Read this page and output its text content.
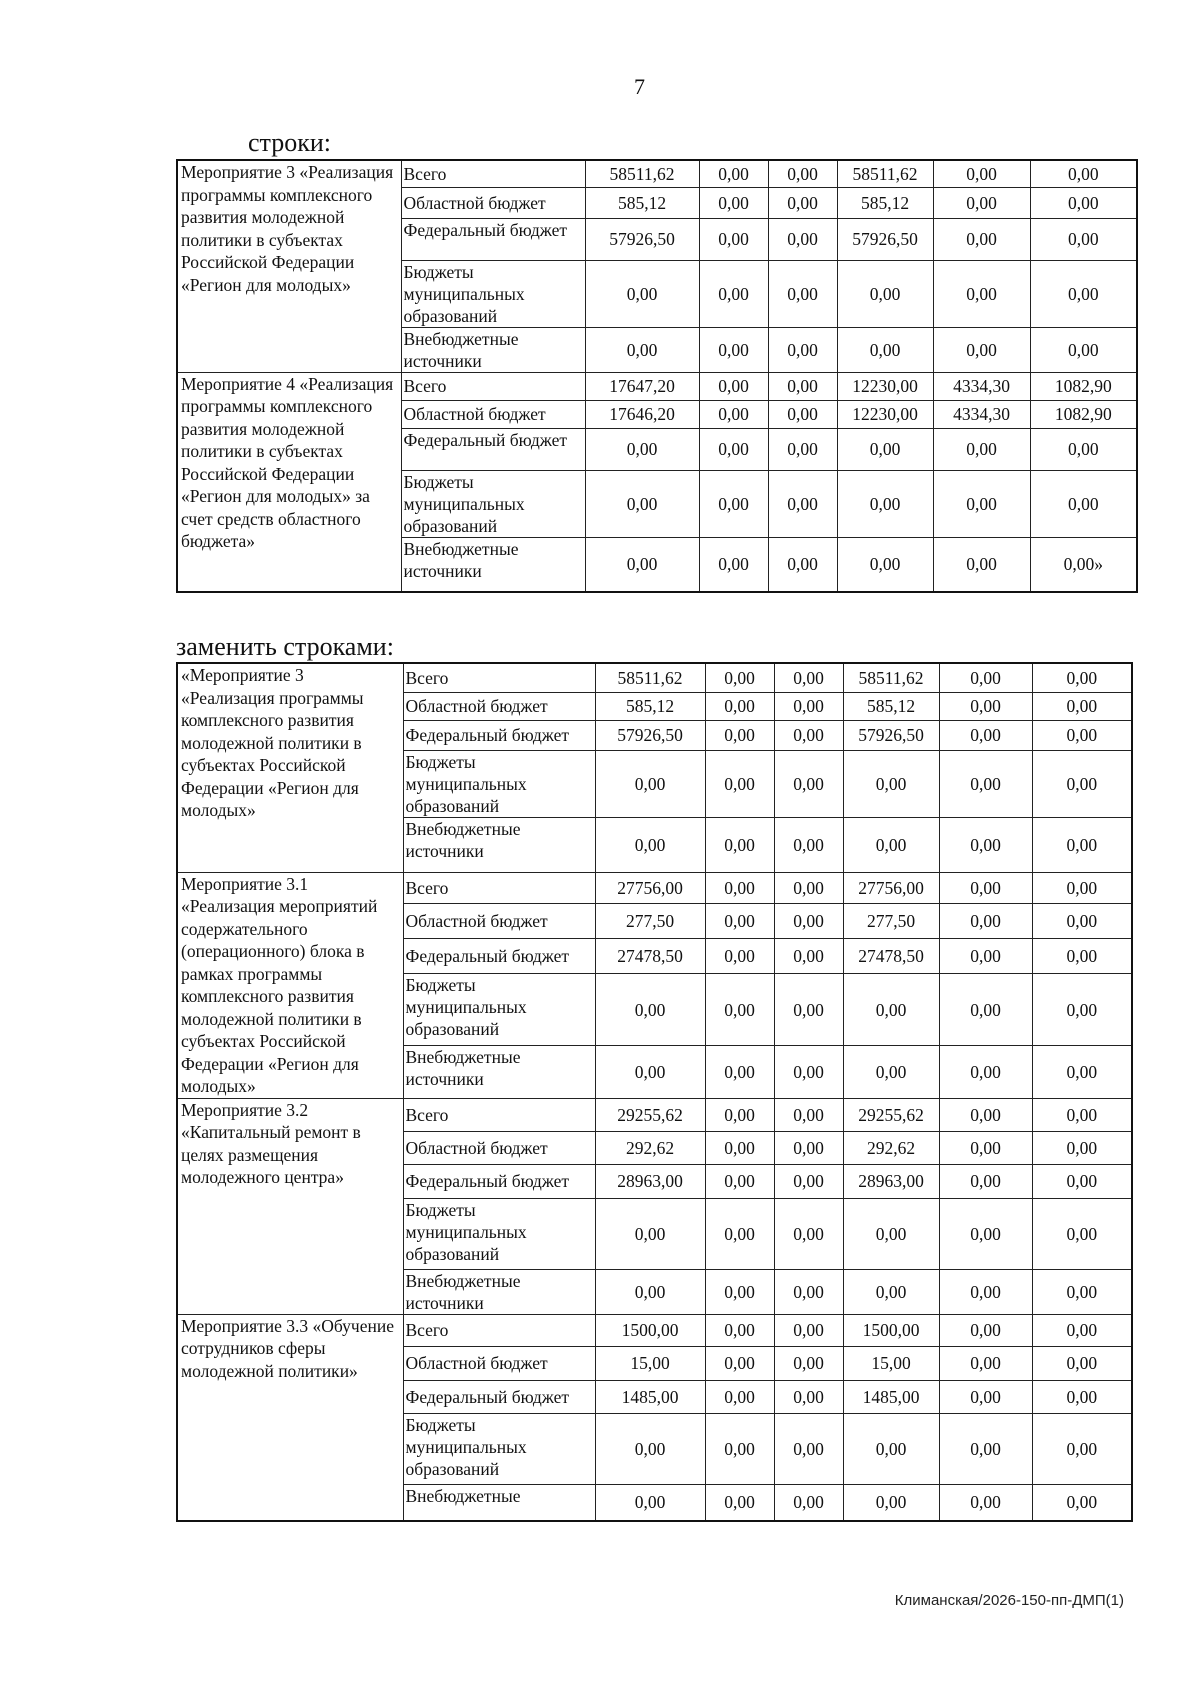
7
строки:
Мероприятие 3 «Реализация программы комплексного развития молодежной политики в субъектах Российской Федерации «Регион для молодых»	Всего	58511,62	0,00	0,00	58511,62	0,00	0,00
	Областной бюджет	585,12	0,00	0,00	585,12	0,00	0,00
	Федеральный бюджет	57926,50	0,00	0,00	57926,50	0,00	0,00
	Бюджеты муниципальных образований	0,00	0,00	0,00	0,00	0,00	0,00
	Внебюджетные источники	0,00	0,00	0,00	0,00	0,00	0,00
Мероприятие 4 «Реализация программы комплексного развития молодежной политики в субъектах Российской Федерации «Регион для молодых» за счет средств областного бюджета»	Всего	17647,20	0,00	0,00	12230,00	4334,30	1082,90
	Областной бюджет	17646,20	0,00	0,00	12230,00	4334,30	1082,90
	Федеральный бюджет	0,00	0,00	0,00	0,00	0,00	0,00
	Бюджеты муниципальных образований	0,00	0,00	0,00	0,00	0,00	0,00
	Внебюджетные источники	0,00	0,00	0,00	0,00	0,00	0,00»
заменить строками:
«Мероприятие 3 «Реализация программы комплексного развития молодежной политики в субъектах Российской Федерации «Регион для молодых»	Всего	58511,62	0,00	0,00	58511,62	0,00	0,00
	Областной бюджет	585,12	0,00	0,00	585,12	0,00	0,00
	Федеральный бюджет	57926,50	0,00	0,00	57926,50	0,00	0,00
	Бюджеты муниципальных образований	0,00	0,00	0,00	0,00	0,00	0,00
	Внебюджетные источники	0,00	0,00	0,00	0,00	0,00	0,00
Мероприятие 3.1 «Реализация мероприятий содержательного (операционного) блока в рамках программы комплексного развития молодежной политики в субъектах Российской Федерации «Регион для молодых»	Всего	27756,00	0,00	0,00	27756,00	0,00	0,00
	Областной бюджет	277,50	0,00	0,00	277,50	0,00	0,00
	Федеральный бюджет	27478,50	0,00	0,00	27478,50	0,00	0,00
	Бюджеты муниципальных образований	0,00	0,00	0,00	0,00	0,00	0,00
	Внебюджетные источники	0,00	0,00	0,00	0,00	0,00	0,00
Мероприятие 3.2 «Капитальный ремонт в целях размещения молодежного центра»	Всего	29255,62	0,00	0,00	29255,62	0,00	0,00
	Областной бюджет	292,62	0,00	0,00	292,62	0,00	0,00
	Федеральный бюджет	28963,00	0,00	0,00	28963,00	0,00	0,00
	Бюджеты муниципальных образований	0,00	0,00	0,00	0,00	0,00	0,00
	Внебюджетные источники	0,00	0,00	0,00	0,00	0,00	0,00
Мероприятие 3.3 «Обучение сотрудников сферы молодежной политики»	Всего	1500,00	0,00	0,00	1500,00	0,00	0,00
	Областной бюджет	15,00	0,00	0,00	15,00	0,00	0,00
	Федеральный бюджет	1485,00	0,00	0,00	1485,00	0,00	0,00
	Бюджеты муниципальных образований	0,00	0,00	0,00	0,00	0,00	0,00
	Внебюджетные	0,00	0,00	0,00	0,00	0,00	0,00
Климанская/2026-150-пп-ДМП(1)
